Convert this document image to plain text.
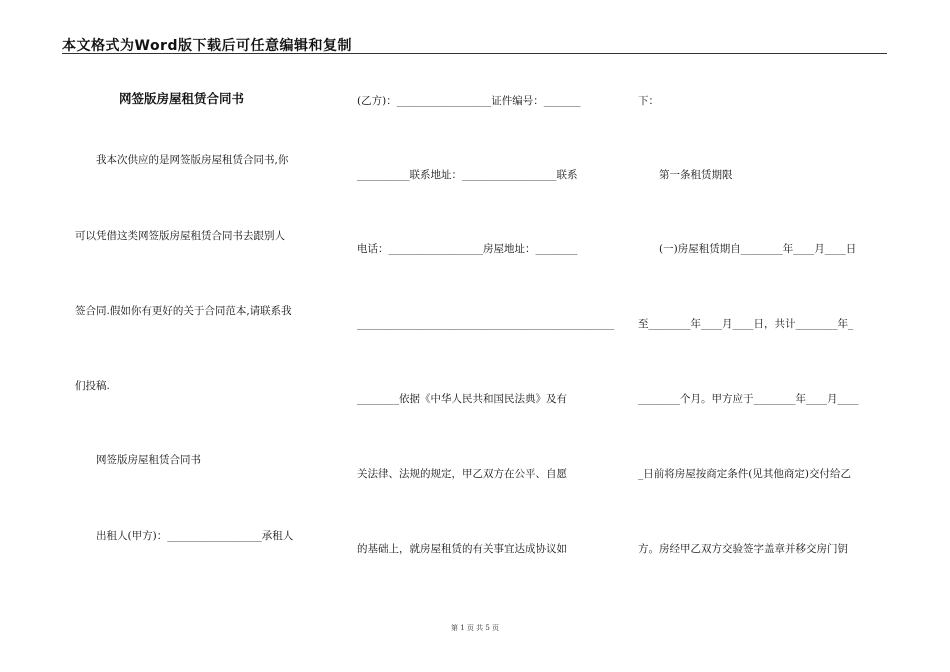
本文格式为Word版下载后可任意编辑和复制
网签版房屋租赁合同书
　　我本次供应的是网签版房屋租赁合同书,你
可以凭借这类网签版房屋租赁合同书去跟别人
签合同.假如你有更好的关于合同范本,请联系我
们投稿.
　　网签版房屋租赁合同书
　　出租人(甲方)：__________________承租人
(乙方)：__________________证件编号：_______
__________联系地址：__________________联系
电话：__________________房屋地址：________
_________________________________________________
________依据《中华人民共和国民法典》及有
关法律、法规的规定，甲乙双方在公平、自愿
的基础上，就房屋租赁的有关事宜达成协议如
下：
　　第一条租赁期限
　　(一)房屋租赁期自________年____月____日
至________年____月____日，共计________年_
________个月。甲方应于________年____月____
_日前将房屋按商定条件(见其他商定)交付给乙
方。房经甲乙双方交验签字盖章并移交房门钥
第 1 页 共 5 页
